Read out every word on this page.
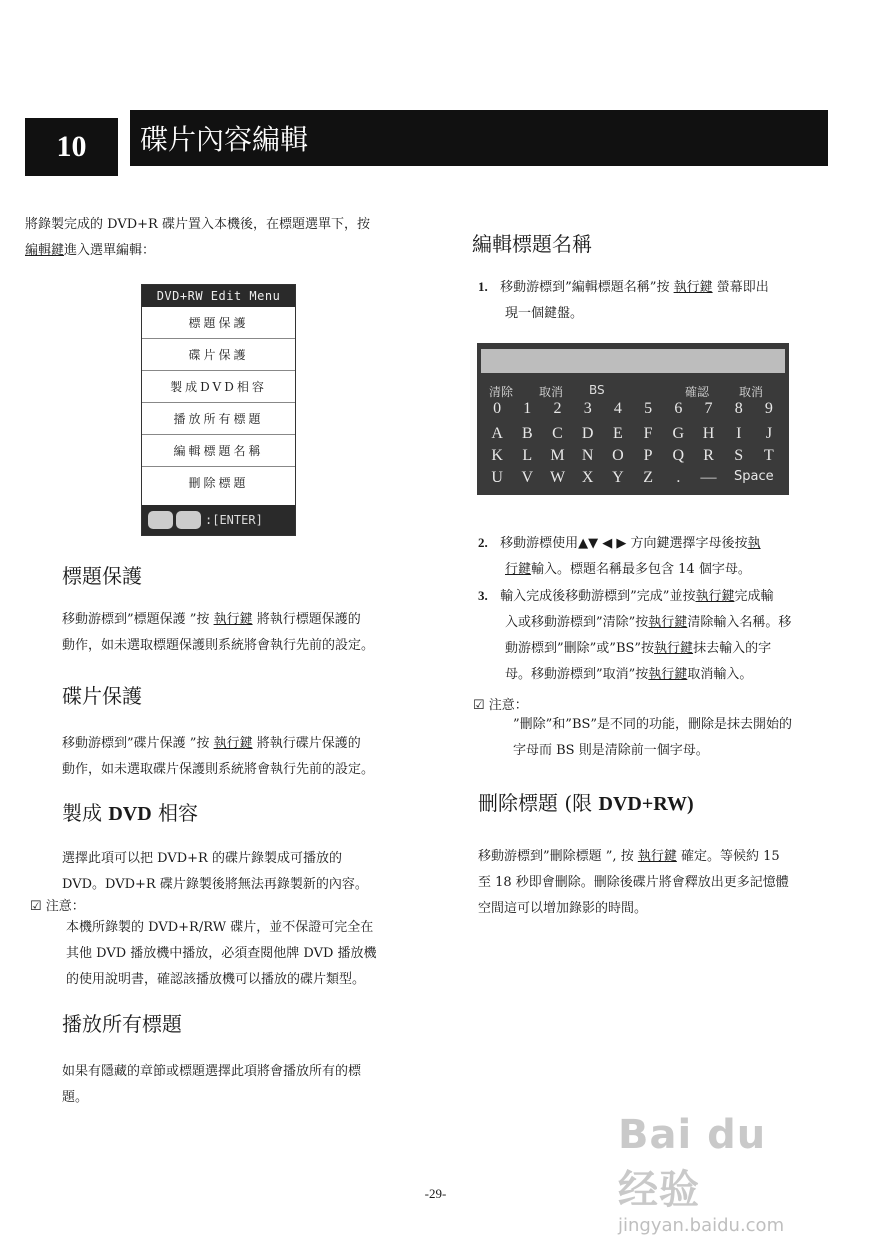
10	碟片內容編輯

將錄製完成的 DVD+R 碟片置入本機後，在標題選單下，按

編輯鍵進入選單編輯：

DVD+RW Edit Menu
標題保護
碟片保護
製成DVD相容
播放所有標題
編輯標題名稱
刪除標題
:[ENTER]
標題保護

移動游標到”標題保護 ”按 執行鍵 將執行標題保護的

動作，如未選取標題保護則系統將會執行先前的設定。

碟片保護

移動游標到”碟片保護 ”按 執行鍵 將執行碟片保護的

動作，如未選取碟片保護則系統將會執行先前的設定。

製成 DVD 相容

選擇此項可以把 DVD+R 的碟片錄製成可播放的

DVD。DVD+R 碟片錄製後將無法再錄製新的內容。

☑ 注意：

本機所錄製的 DVD+R/RW 碟片，並不保證可完全在

其他 DVD 播放機中播放，必須查閱他牌 DVD 播放機

的使用說明書，確認該播放機可以播放的碟片類型。

播放所有標題

如果有隱藏的章節或標題選擇此項將會播放所有的標

題。

編輯標題名稱

1. 移動游標到”編輯標題名稱”按 執行鍵 螢幕即出

現一個鍵盤。

清除 取消 BS	確認 取消
0	1	2	3	4	5	6	7	8	9
A	B	C	D	E	F	G	H	I	J
K	L	M	N	O	P	Q	R	S	T
U	V	W	X	Y	Z	.	—	Space

2. 移動游標使用▲▼ ◀ ▶ 方向鍵選擇字母後按執

行鍵輸入。標題名稱最多包含 14 個字母。

3. 輸入完成後移動游標到”完成”並按執行鍵完成輸

入或移動游標到”清除”按執行鍵清除輸入名稱。移

動游標到”刪除”或”BS”按執行鍵抹去輸入的字

母。移動游標到”取消”按執行鍵取消輸入。

☑ 注意：

”刪除”和”BS”是不同的功能，刪除是抹去開始的

字母而 BS 則是清除前一個字母。

刪除標題 (限 DVD+RW)

移動游標到”刪除標題 ”, 按 執行鍵 確定。等候約 15

至 18 秒即會刪除。刪除後碟片將會釋放出更多記憶體

空間這可以增加錄影的時間。

-29-
Bai du 经验
jingyan.baidu.com
